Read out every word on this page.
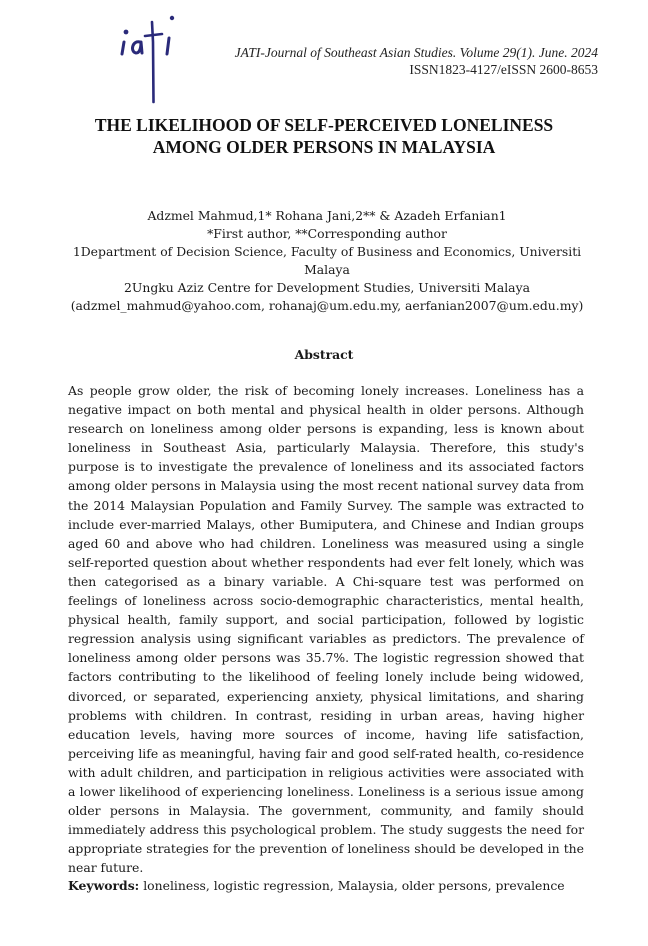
JATI-Journal of Southeast Asian Studies. Volume 29(1). June. 2024
ISSN1823-4127/eISSN 2600-8653
THE LIKELIHOOD OF SELF-PERCEIVED LONELINESS
AMONG OLDER PERSONS IN MALAYSIA
Adzmel Mahmud,1* Rohana Jani,2** & Azadeh Erfanian1
*First author, **Corresponding author
1Department of Decision Science, Faculty of Business and Economics, Universiti Malaya
2Ungku Aziz Centre for Development Studies, Universiti Malaya
(adzmel_mahmud@yahoo.com, rohanaj@um.edu.my, aerfanian2007@um.edu.my)
Abstract

As people grow older, the risk of becoming lonely increases. Loneliness has a negative impact on both mental and physical health in older persons. Although research on loneliness among older persons is expanding, less is known about loneliness in Southeast Asia, particularly Malaysia. Therefore, this study's purpose is to investigate the prevalence of loneliness and its associated factors among older persons in Malaysia using the most recent national survey data from the 2014 Malaysian Population and Family Survey. The sample was extracted to include ever-married Malays, other Bumiputera, and Chinese and Indian groups aged 60 and above who had children. Loneliness was measured using a single self-reported question about whether respondents had ever felt lonely, which was then categorised as a binary variable. A Chi-square test was performed on feelings of loneliness across socio-demographic characteristics, mental health, physical health, family support, and social participation, followed by logistic regression analysis using significant variables as predictors. The prevalence of loneliness among older persons was 35.7%. The logistic regression showed that factors contributing to the likelihood of feeling lonely include being widowed, divorced, or separated, experiencing anxiety, physical limitations, and sharing problems with children. In contrast, residing in urban areas, having higher education levels, having more sources of income, having life satisfaction, perceiving life as meaningful, having fair and good self-rated health, co-residence with adult children, and participation in religious activities were associated with a lower likelihood of experiencing loneliness. Loneliness is a serious issue among older persons in Malaysia. The government, community, and family should immediately address this psychological problem. The study suggests the need for appropriate strategies for the prevention of loneliness should be developed in the near future.

Keywords: loneliness, logistic regression, Malaysia, older persons, prevalence
